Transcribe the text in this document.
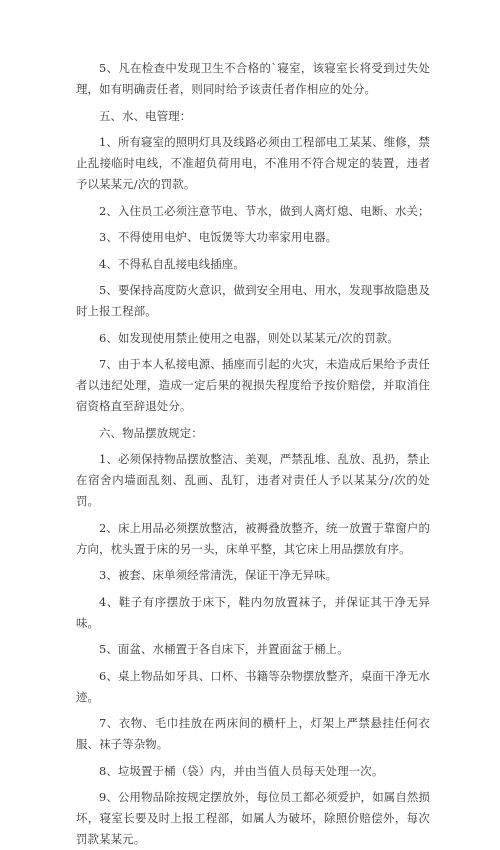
5、凡在检查中发现卫生不合格的`寝室，该寝室长将受到过失处理，如有明确责任者，则同时给予该责任者作相应的处分。

五、水、电管理：

1、所有寝室的照明灯具及线路必须由工程部电工某某、维修，禁止乱接临时电线，不准超负荷用电，不准用不符合规定的装置，违者予以某某元/次的罚款。

2、入住员工必须注意节电、节水，做到人离灯熄、电断、水关；

3、不得使用电炉、电饭煲等大功率家用电器。

4、不得私自乱接电线插座。

5、要保持高度防火意识，做到安全用电、用水，发现事故隐患及时上报工程部。

6、如发现使用禁止使用之电器，则处以某某元/次的罚款。

7、由于本人私接电源、插座而引起的火灾，未造成后果给予责任者以违纪处理，造成一定后果的视损失程度给予按价赔偿，并取消住宿资格直至辞退处分。

六、物品摆放规定：

1、必须保持物品摆放整洁、美观，严禁乱堆、乱放、乱扔，禁止在宿舍内墙面乱刻、乱画、乱钉，违者对责任人予以某某分/次的处罚。

2、床上用品必须摆放整洁，被褥叠放整齐，统一放置于靠窗户的方向，枕头置于床的另一头，床单平整，其它床上用品摆放有序。

3、被套、床单须经常清洗，保证干净无异味。

4、鞋子有序摆放于床下，鞋内勿放置袜子，并保证其干净无异味。

5、面盆、水桶置于各自床下，并置面盆于桶上。

6、桌上物品如牙具、口杯、书籍等杂物摆放整齐，桌面干净无水迹。

7、衣物、毛巾挂放在两床间的横杆上，灯架上严禁悬挂任何衣服、袜子等杂物。

8、垃圾置于桶（袋）内，并由当值人员每天处理一次。

9、公用物品除按规定摆放外，每位员工都必须爱护，如属自然损坏，寝室长要及时上报工程部，如属人为破坏，除照价赔偿外，每次罚款某某元。
